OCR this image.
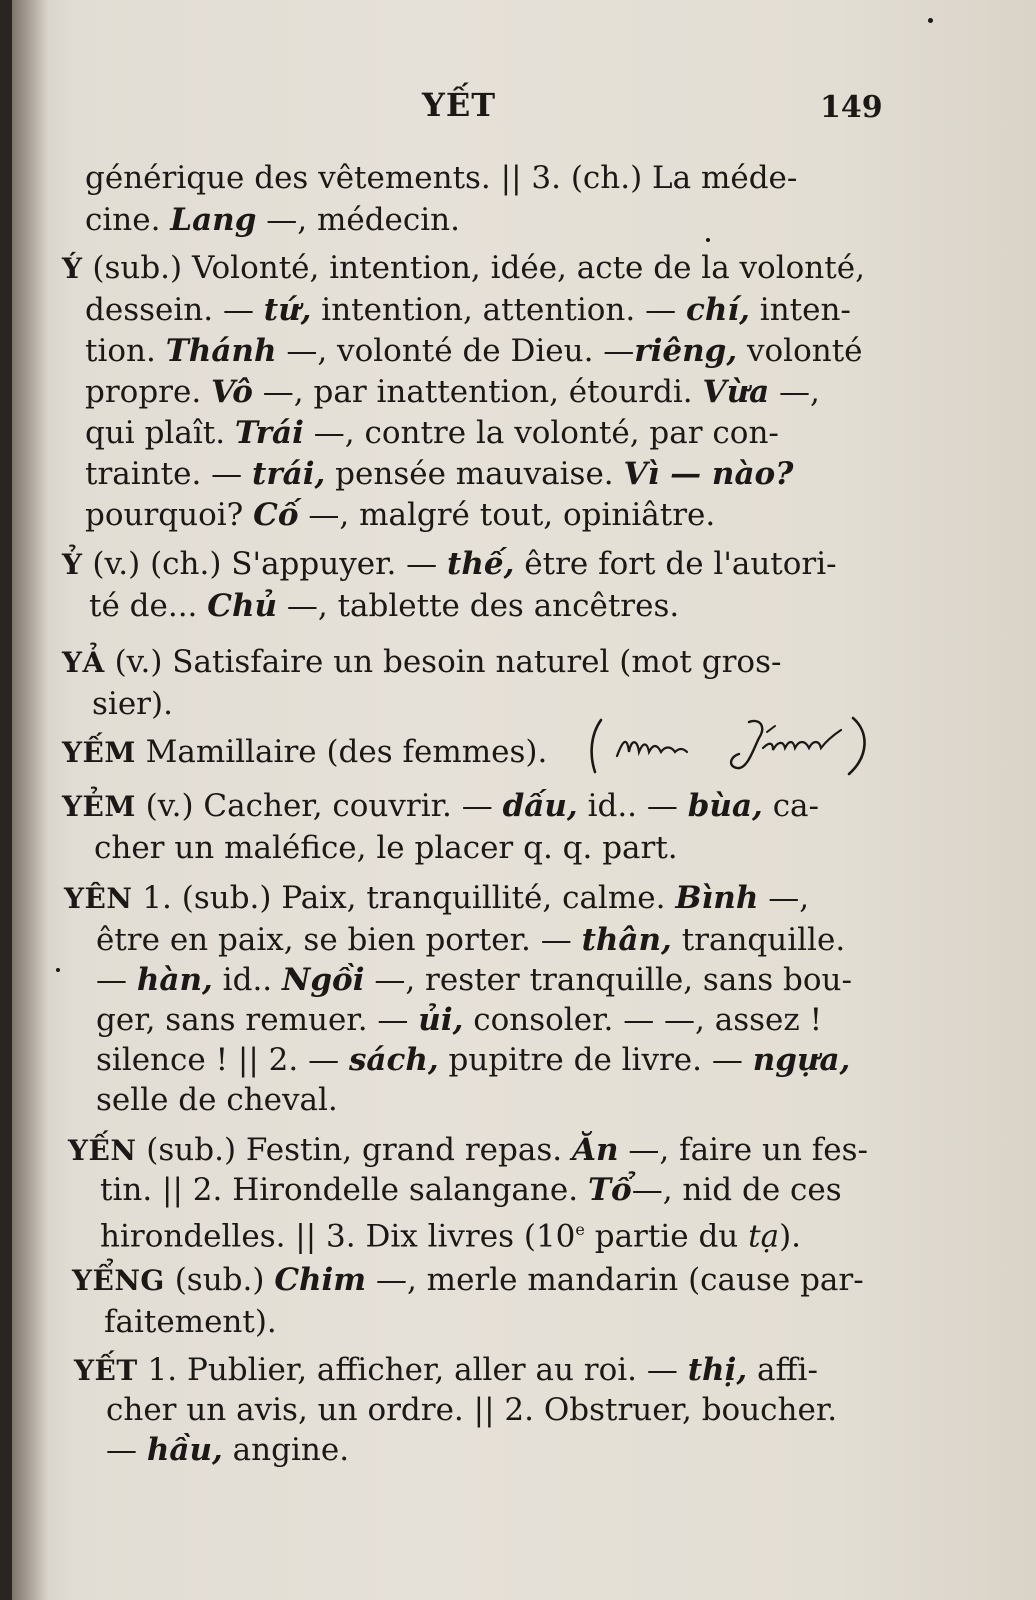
YẾT	149
générique des vêtements. || 3. (ch.) La méde-
cine. Lang —, médecin.
Ý (sub.) Volonté, intention, idée, acte de la volonté,
dessein. — tứ, intention, attention. — chí, inten-
tion. Thánh —, volonté de Dieu. —riêng, volonté
propre. Vô —, par inattention, étourdi. Vừa —,
qui plaît. Trái —, contre la volonté, par con-
trainte. — trái, pensée mauvaise. Vì — nào?
pourquoi? Cố —, malgré tout, opiniâtre.
Ỷ (v.) (ch.) S'appuyer. — thế, être fort de l'autori-
té de... Chủ —, tablette des ancêtres.
YẢ (v.) Satisfaire un besoin naturel (mot gros-
sier).
YẾM Mamillaire (des femmes).
YẺM (v.) Cacher, couvrir. — dấu, id.. — bùa, ca-
cher un maléfice, le placer q. q. part.
YÊN 1. (sub.) Paix, tranquillité, calme. Bình —,
être en paix, se bien porter. — thân, tranquille.
— hàn, id.. Ngồi —, rester tranquille, sans bou-
ger, sans remuer. — ủi, consoler. — —, assez !
silence ! || 2. — sách, pupitre de livre. — ngựa,
selle de cheval.
YẾN (sub.) Festin, grand repas. Ăn —, faire un fes-
tin. || 2. Hirondelle salangane. Tổ—, nid de ces
hirondelles. || 3. Dix livres (10e partie du tạ).
YỂNG (sub.) Chim —, merle mandarin (cause par-
faitement).
YẾT 1. Publier, afficher, aller au roi. — thị, affi-
cher un avis, un ordre. || 2. Obstruer, boucher.
— hầu, angine.
